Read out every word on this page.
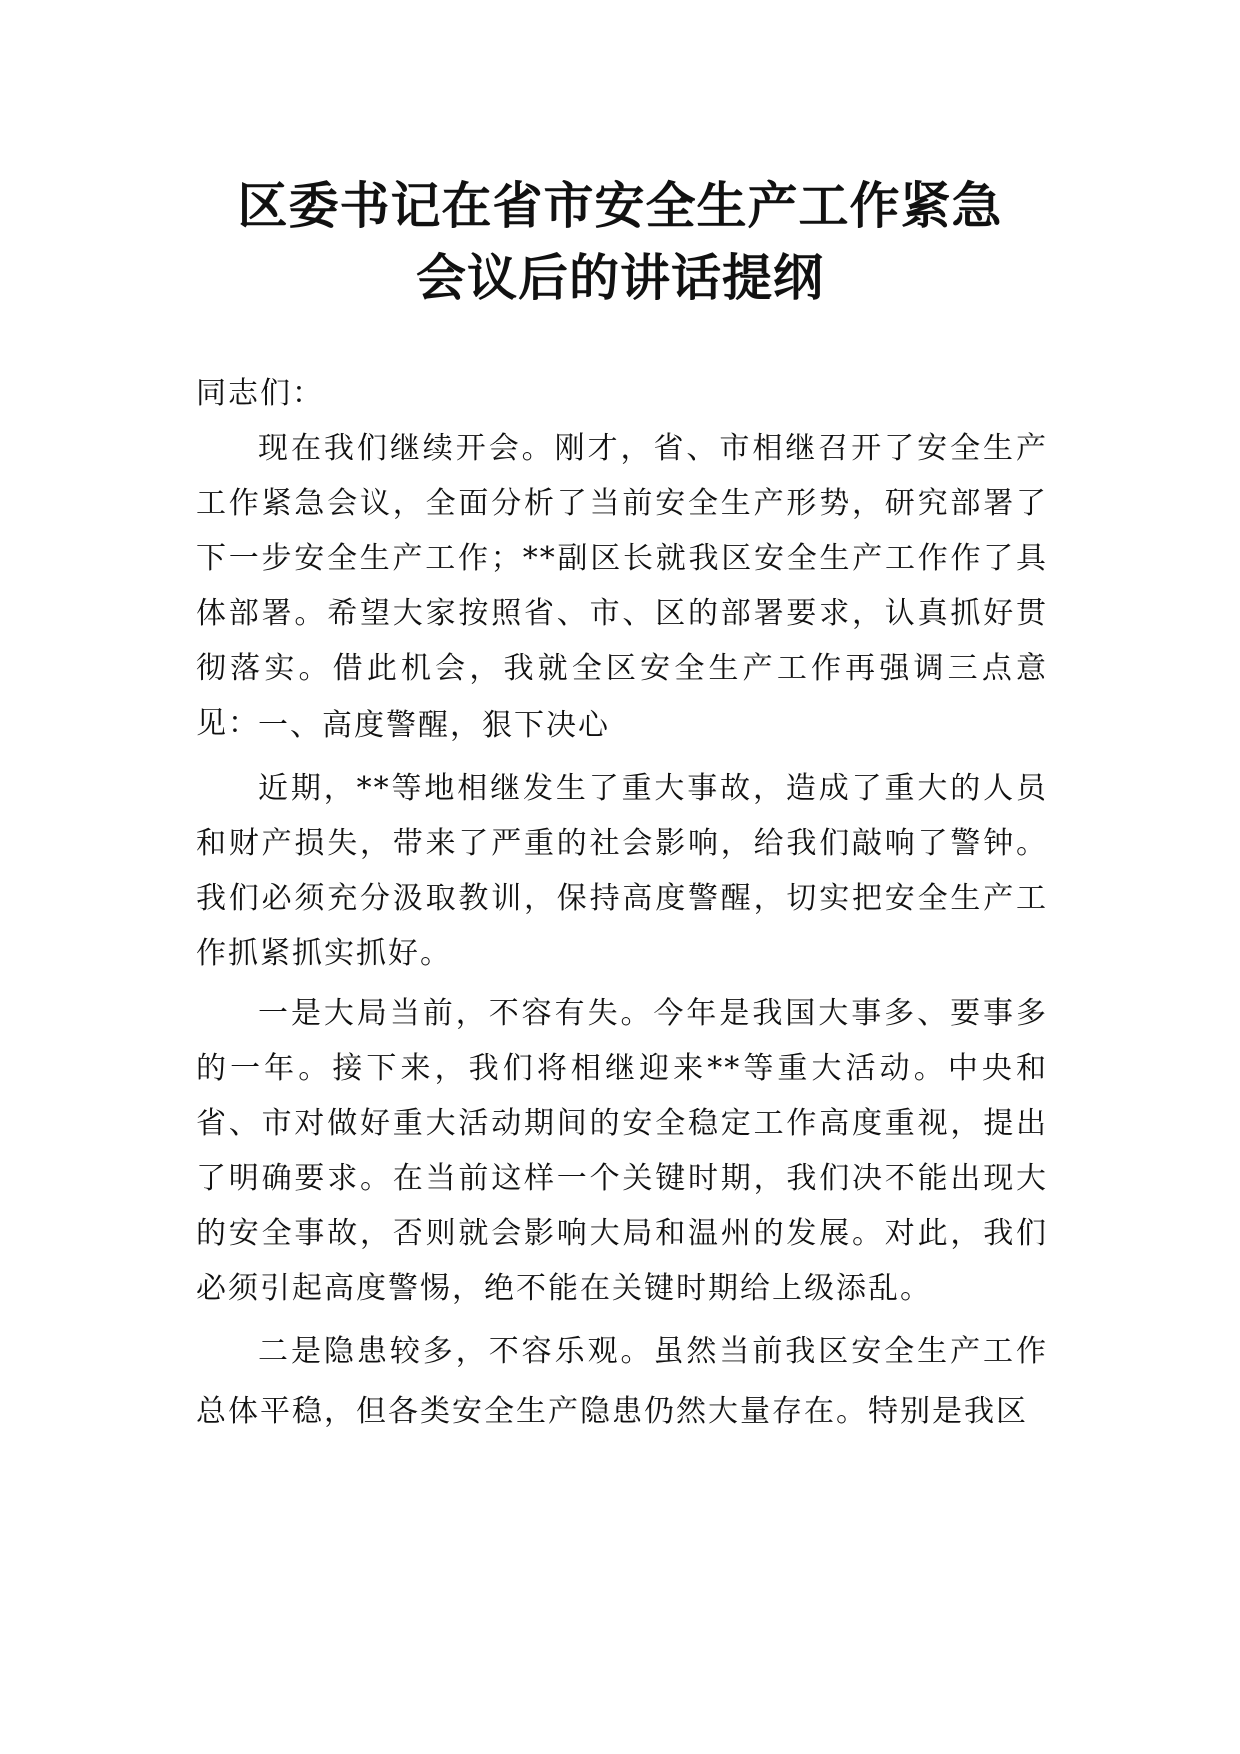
区委书记在省市安全生产工作紧急
会议后的讲话提纲

同志们：

现在我们继续开会。刚才，省、市相继召开了安全生产工作紧急会议，全面分析了当前安全生产形势，研究部署了下一步安全生产工作；**副区长就我区安全生产工作作了具体部署。希望大家按照省、市、区的部署要求，认真抓好贯彻落实。借此机会，我就全区安全生产工作再强调三点意见：

一、高度警醒，狠下决心

近期，**等地相继发生了重大事故，造成了重大的人员和财产损失，带来了严重的社会影响，给我们敲响了警钟。我们必须充分汲取教训，保持高度警醒，切实把安全生产工作抓紧抓实抓好。

一是大局当前，不容有失。今年是我国大事多、要事多的一年。接下来，我们将相继迎来**等重大活动。中央和省、市对做好重大活动期间的安全稳定工作高度重视，提出了明确要求。在当前这样一个关键时期，我们决不能出现大的安全事故，否则就会影响大局和温州的发展。对此，我们必须引起高度警惕，绝不能在关键时期给上级添乱。

二是隐患较多，不容乐观。虽然当前我区安全生产工作总体平稳，但各类安全生产隐患仍然大量存在。特别是我区
